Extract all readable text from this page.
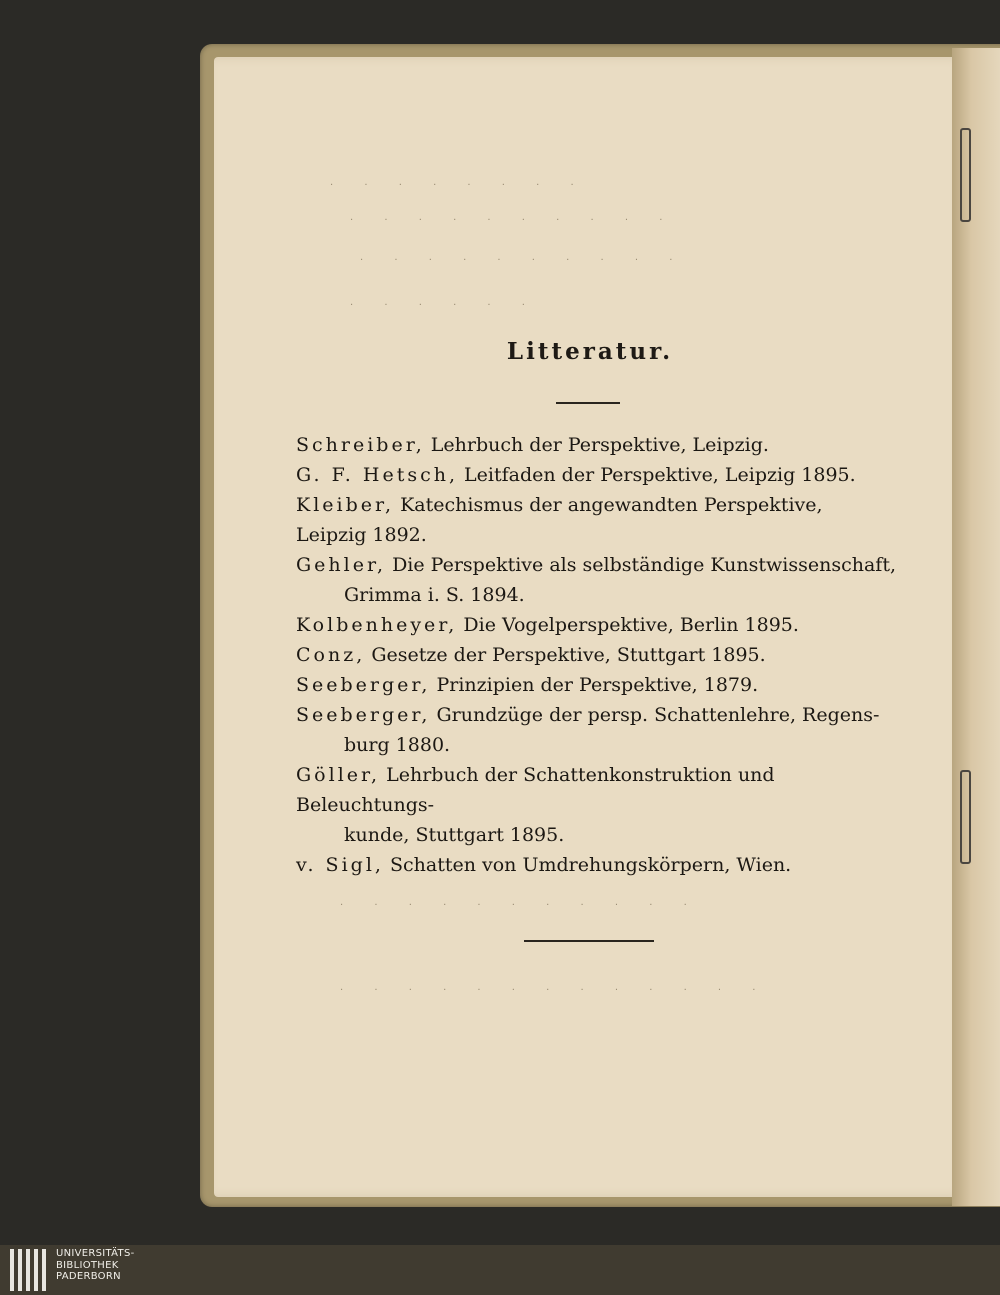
· · · · · · · ·
· · · · · · · · · ·
· · · · · · · · · ·
· · · · · ·
· · · · · · · · · · ·
· · · · · · · · · · · · ·
Litteratur.

Schreiber, Lehrbuch der Perspektive, Leipzig.

G. F. Hetsch, Leitfaden der Perspektive, Leipzig 1895.

Kleiber, Katechismus der angewandten Perspektive, Leipzig 1892.

Gehler, Die Perspektive als selbständige Kunstwissenschaft,
Grimma i. S. 1894.

Kolbenheyer, Die Vogelperspektive, Berlin 1895.

Conz, Gesetze der Perspektive, Stuttgart 1895.

Seeberger, Prinzipien der Perspektive, 1879.

Seeberger, Grundzüge der persp. Schattenlehre, Regens-
burg 1880.

Göller, Lehrbuch der Schattenkonstruktion und Beleuchtungs-
kunde, Stuttgart 1895.

v. Sigl, Schatten von Umdrehungskörpern, Wien.

UNIVERSITÄTS-
BIBLIOTHEK
PADERBORN
